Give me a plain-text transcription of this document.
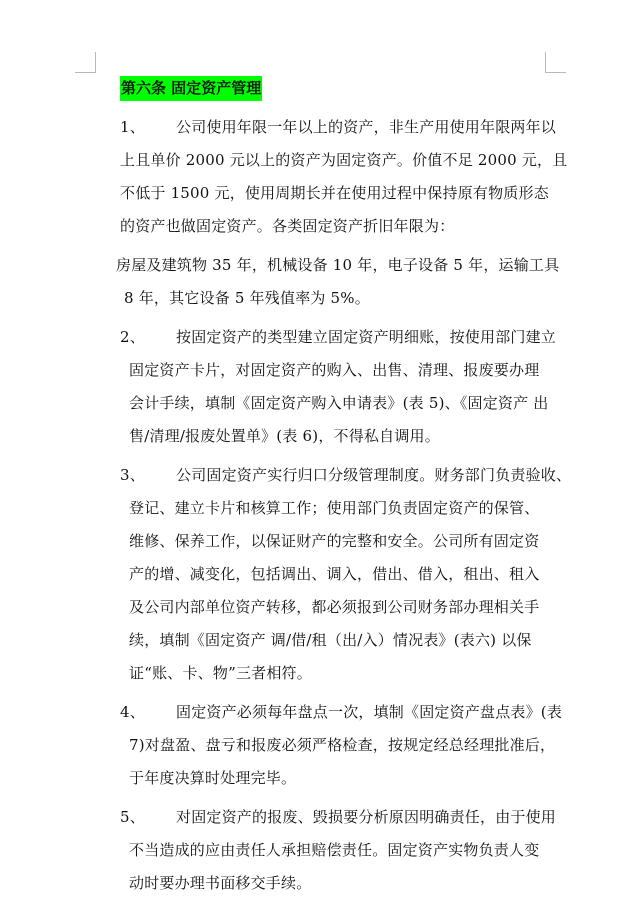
第六条 固定资产管理
1、 公司使用年限一年以上的资产，非生产用使用年限两年以
上且单价 2000 元以上的资产为固定资产。价值不足 2000 元，且
不低于 1500 元，使用周期长并在使用过程中保持原有物质形态
的资产也做固定资产。各类固定资产折旧年限为：
房屋及建筑物 35 年，机械设备 10 年，电子设备 5 年，运输工具
8 年，其它设备 5 年残值率为 5%。
2、 按固定资产的类型建立固定资产明细账，按使用部门建立
固定资产卡片，对固定资产的购入、出售、清理、报废要办理
会计手续，填制《固定资产购入申请表》(表 5)、《固定资产 出
售/清理/报废处置单》(表 6)，不得私自调用。
3、 公司固定资产实行归口分级管理制度。财务部门负责验收、
登记、建立卡片和核算工作；使用部门负责固定资产的保管、
维修、保养工作，以保证财产的完整和安全。公司所有固定资
产的增、减变化，包括调出、调入，借出、借入，租出、租入
及公司内部单位资产转移，都必须报到公司财务部办理相关手
续，填制《固定资产 调/借/租（出/入）情况表》(表六) 以保
证“账、卡、物”三者相符。
4、 固定资产必须每年盘点一次，填制《固定资产盘点表》(表
7)对盘盈、盘亏和报废必须严格检查，按规定经总经理批准后，
于年度决算时处理完毕。
5、 对固定资产的报废、毁损要分析原因明确责任，由于使用
不当造成的应由责任人承担赔偿责任。固定资产实物负责人变
动时要办理书面移交手续。
